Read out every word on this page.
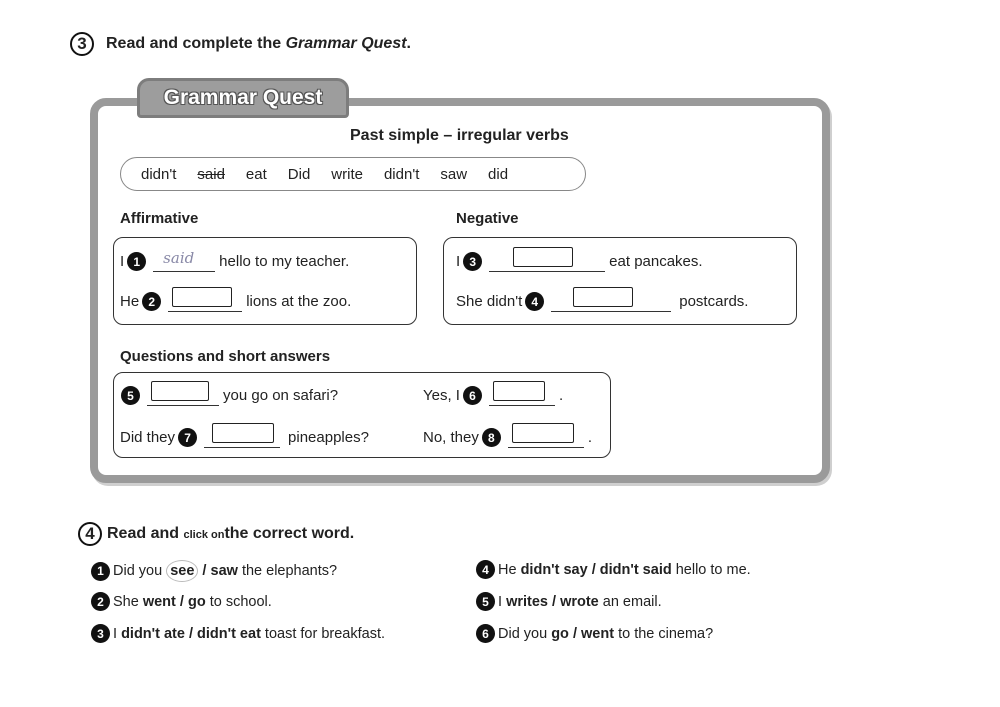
3	Read and complete the Grammar Quest.
Grammar Quest
Past simple – irregular verbs
didn't said eat Did write didn't saw did
Affirmative	Negative
I 1	said hello to my teacher.
He 2	lions at the zoo.
I 3	eat pancakes.
She didn't 4	postcards.
Questions and short answers
5	you go on safari?	Yes, I 6	.
Did they 7	pineapples?	No, they 8	.
4 Read and click onthe correct word.
1 Did you see / saw the elephants?
2 She went / go to school.
3 I didn't ate / didn't eat toast for breakfast.
4 He didn't say / didn't said hello to me.
5 I writes / wrote an email.
6 Did you go / went to the cinema?
